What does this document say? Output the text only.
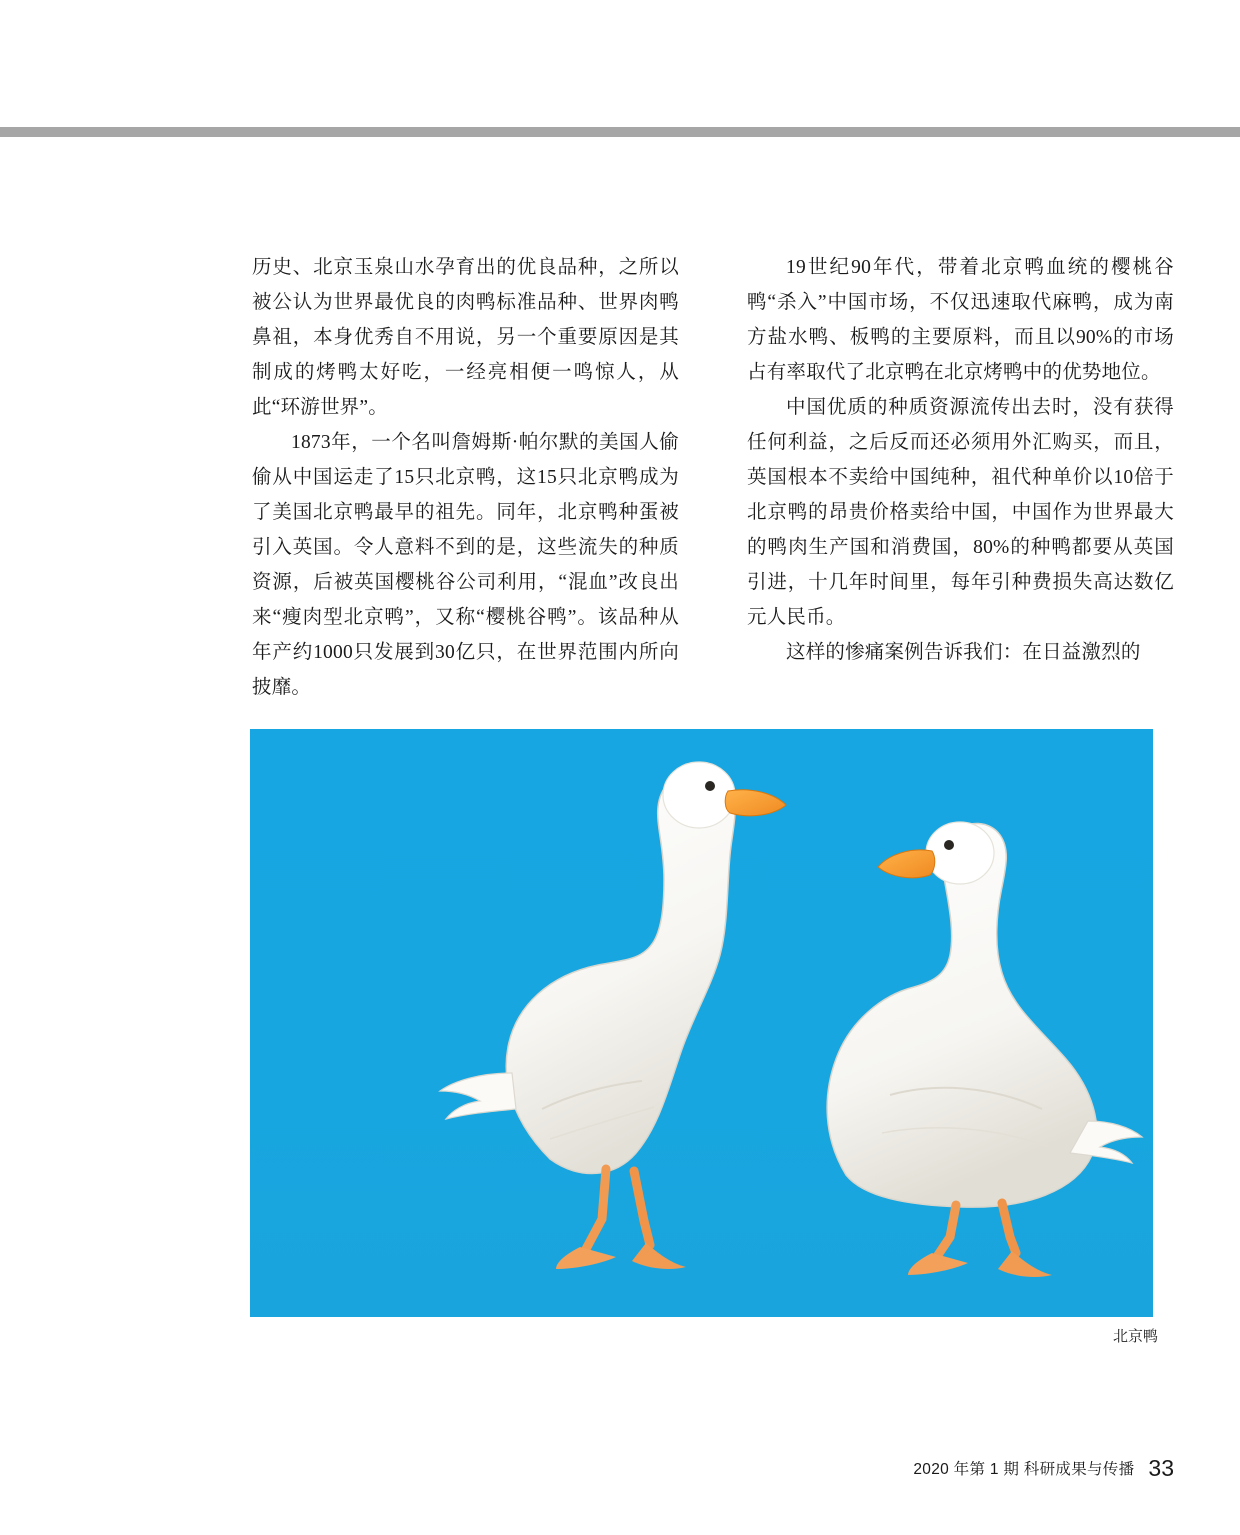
历史、北京玉泉山水孕育出的优良品种，之所以被公认为世界最优良的肉鸭标准品种、世界肉鸭鼻祖，本身优秀自不用说，另一个重要原因是其制成的烤鸭太好吃，一经亮相便一鸣惊人，从此“环游世界”。

1873年，一个名叫詹姆斯·帕尔默的美国人偷偷从中国运走了15只北京鸭，这15只北京鸭成为了美国北京鸭最早的祖先。同年，北京鸭种蛋被引入英国。令人意料不到的是，这些流失的种质资源，后被英国樱桃谷公司利用，“混血”改良出来“瘦肉型北京鸭”，又称“樱桃谷鸭”。该品种从年产约1000只发展到30亿只，在世界范围内所向披靡。

19世纪90年代，带着北京鸭血统的樱桃谷鸭“杀入”中国市场，不仅迅速取代麻鸭，成为南方盐水鸭、板鸭的主要原料，而且以90%的市场占有率取代了北京鸭在北京烤鸭中的优势地位。

中国优质的种质资源流传出去时，没有获得任何利益，之后反而还必须用外汇购买，而且，英国根本不卖给中国纯种，祖代种单价以10倍于北京鸭的昂贵价格卖给中国，中国作为世界最大的鸭肉生产国和消费国，80%的种鸭都要从英国引进，十几年时间里，每年引种费损失高达数亿元人民币。

这样的惨痛案例告诉我们：在日益激烈的

北京鸭
2020 年第 1 期 科研成果与传播 33
